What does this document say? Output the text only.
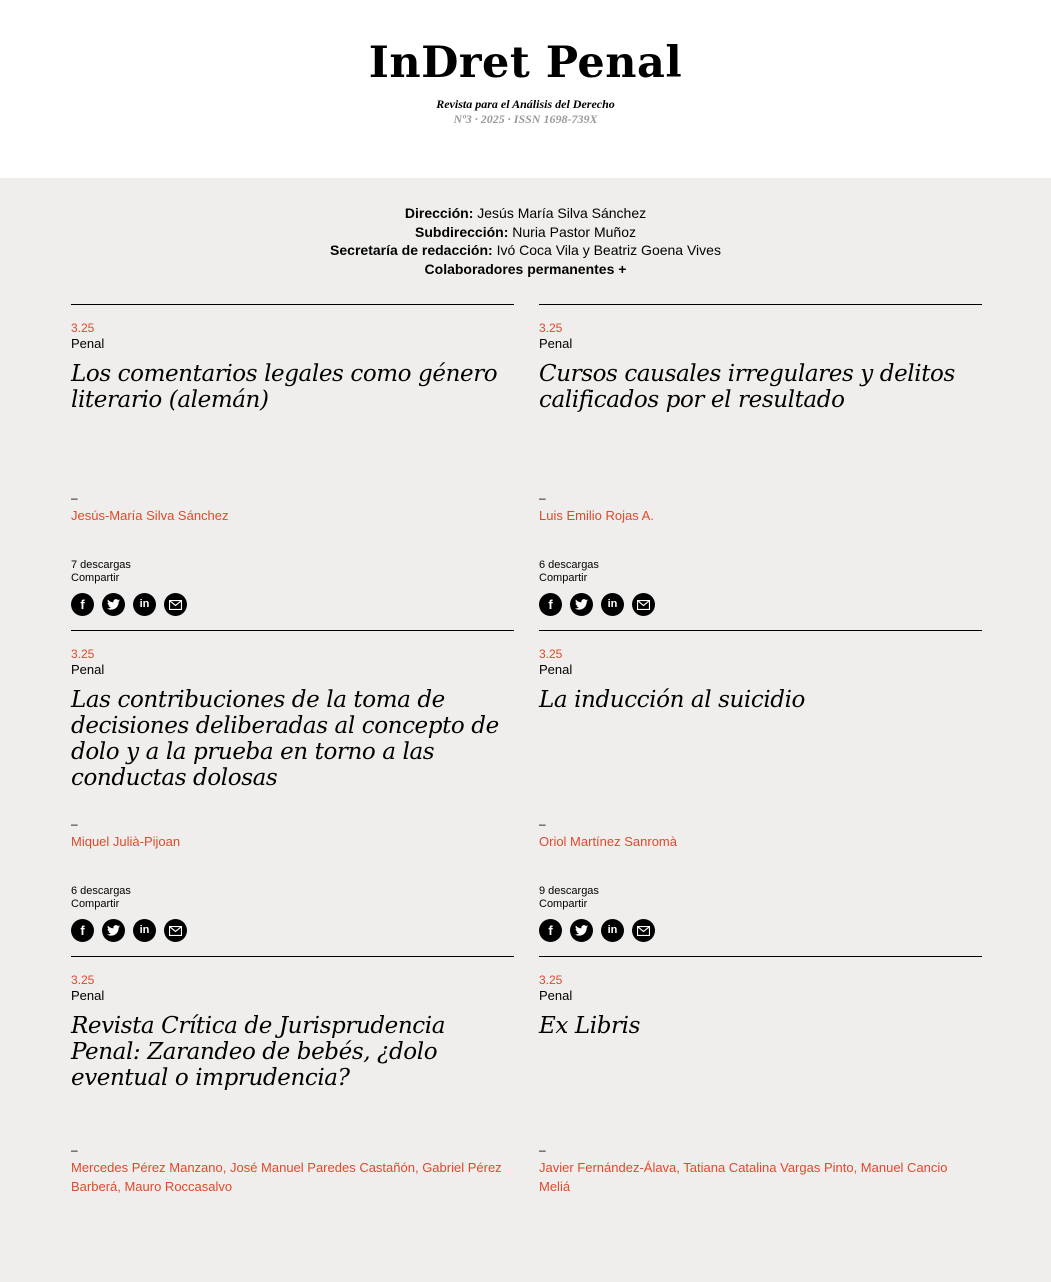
InDret Penal
Revista para el Análisis del Derecho
Nº3 · 2025 · ISSN 1698-739X
Dirección: Jesús María Silva Sánchez
Subdirección: Nuria Pastor Muñoz
Secretaría de redacción: Ivó Coca Vila y Beatriz Goena Vives
Colaboradores permanentes +
3.25
Penal
Los comentarios legales como género literario (alemán)
–
Jesús-María Silva Sánchez
7 descargas
Compartir
f	in
3.25
Penal
Cursos causales irregulares y delitos calificados por el resultado
–
Luis Emilio Rojas A.
6 descargas
Compartir
f	in
3.25
Penal
Las contribuciones de la toma de decisiones deliberadas al concepto de dolo y a la prueba en torno a las conductas dolosas
–
Miquel Julià-Pijoan
6 descargas
Compartir
f	in
3.25
Penal
La inducción al suicidio
–
Oriol Martínez Sanromà
9 descargas
Compartir
f	in
3.25
Penal
Revista Crítica de Jurisprudencia Penal: Zarandeo de bebés, ¿dolo eventual o imprudencia?
–
Mercedes Pérez Manzano, José Manuel Paredes Castañón, Gabriel Pérez Barberá, Mauro Roccasalvo
3.25
Penal
Ex Libris
–
Javier Fernández-Álava, Tatiana Catalina Vargas Pinto, Manuel Cancio Meliá
